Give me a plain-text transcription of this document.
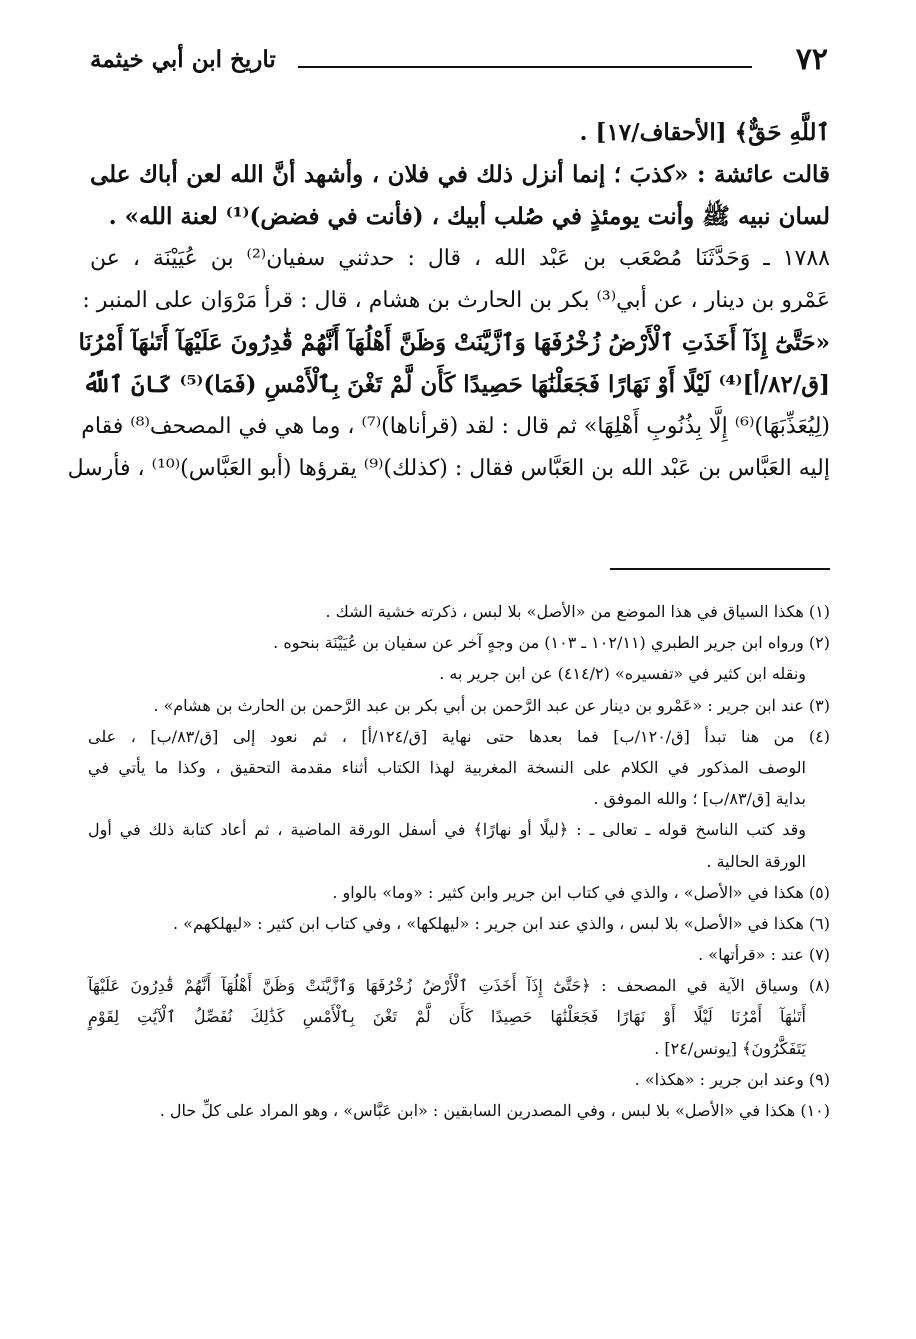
٧٢
تاريخ ابن أبي خيثمة
ٱللَّهِ حَقٌّ﴾ [الأحقاف/١٧] .
قالت عائشة : «كذبَ ؛ إنما أنزل ذلك في فلان ، وأشهد أنَّ الله لعن أباك على
لسان نبيه ﷺ وأنت يومئذٍ في صُلب أبيك ، (فأنت في فضض)⁽¹⁾ لعنة الله» .
١٧٨٨ ـ وَحَدَّثَنَا مُصْعَب بن عَبْد الله ، قال : حدثني سفيان⁽²⁾ بن عُيَيْنَة ، عن
عَمْرو بن دينار ، عن أبي⁽³⁾ بكر بن الحارث بن هشام ، قال : قرأ مَرْوَان على المنبر :
«حَتَّىٰٓ إِذَآ أَخَذَتِ ٱلْأَرْضُ زُخْرُفَهَا وَٱزَّيَّنَتْ وَظَنَّ أَهْلُهَآ أَنَّهُمْ قَٰدِرُونَ عَلَيْهَآ أَتَىٰهَآ أَمْرُنَا
[ق/٨٢/أ]⁽⁴⁾ لَيْلًا أَوْ نَهَارًا فَجَعَلْنَٰهَا حَصِيدًا كَأَن لَّمْ تَغْنَ بِٱلْأَمْسِ (فَمَا)⁽⁵⁾ كَانَ ٱللَّهُ
(لِيُعَذِّبَهَا)⁽⁶⁾ إِلَّا بِذُنُوبِ أَهْلِهَا» ثم قال : لقد (قرأناها)⁽⁷⁾ ، وما هي في المصحف⁽⁸⁾ فقام
إليه العَبَّاس بن عَبْد الله بن العَبَّاس فقال : (كذلك)⁽⁹⁾ يقرؤها (أبو العَبَّاس)⁽¹⁰⁾ ، فأرسل
(١) هكذا السياق في هذا الموضع من «الأصل» بلا لبس ، ذكرته خشية الشك .
(٢) ورواه ابن جرير الطبري (١٠٢/١١ ـ ١٠٣) من وجهٍ آخر عن سفيان بن عُيَيْنَة بنحوه .
ونقله ابن كثير في «تفسيره» (٤١٤/٢) عن ابن جرير به .
(٣) عند ابن جرير : «عَمْرو بن دينار عن عبد الرَّحمن بن أبي بكر بن عبد الرَّحمن بن الحارث بن هشام» .
(٤) من هنا تبدأ [ق/١٢٠/ب] فما بعدها حتى نهاية [ق/١٢٤/أ] ، ثم نعود إلى [ق/٨٣/ب] ، على
الوصف المذكور في الكلام على النسخة المغربية لهذا الكتاب أثناء مقدمة التحقيق ، وكذا ما يأتي في
بداية [ق/٨٣/ب] ؛ والله الموفق .
وقد كتب الناسخ قوله ـ تعالى ـ : ﴿ليلًا أو نهارًا﴾ في أسفل الورقة الماضية ، ثم أعاد كتابة ذلك في أول
الورقة الحالية .
(٥) هكذا في «الأصل» ، والذي في كتاب ابن جرير وابن كثير : «وما» بالواو .
(٦) هكذا في «الأصل» بلا لبس ، والذي عند ابن جرير : «ليهلكها» ، وفي كتاب ابن كثير : «ليهلكهم» .
(٧) عند : «قرأتها» .
(٨) وسياق الآية في المصحف : ﴿حَتَّىٰٓ إِذَآ أَخَذَتِ ٱلْأَرْضُ زُخْرُفَهَا وَٱزَّيَّنَتْ وَظَنَّ أَهْلُهَآ أَنَّهُمْ قَٰدِرُونَ عَلَيْهَآ
أَتَىٰهَآ أَمْرُنَا لَيْلًا أَوْ نَهَارًا فَجَعَلْنَٰهَا حَصِيدًا كَأَن لَّمْ تَغْنَ بِٱلْأَمْسِ كَذَٰلِكَ نُفَصِّلُ ٱلْآيَٰتِ لِقَوْمٍ
يَتَفَكَّرُونَ﴾ [يونس/٢٤] .
(٩) وعند ابن جرير : «هكذا» .
(١٠) هكذا في «الأصل» بلا لبس ، وفي المصدرين السابقين : «ابن عَبَّاس» ، وهو المراد على كلِّ حال .
